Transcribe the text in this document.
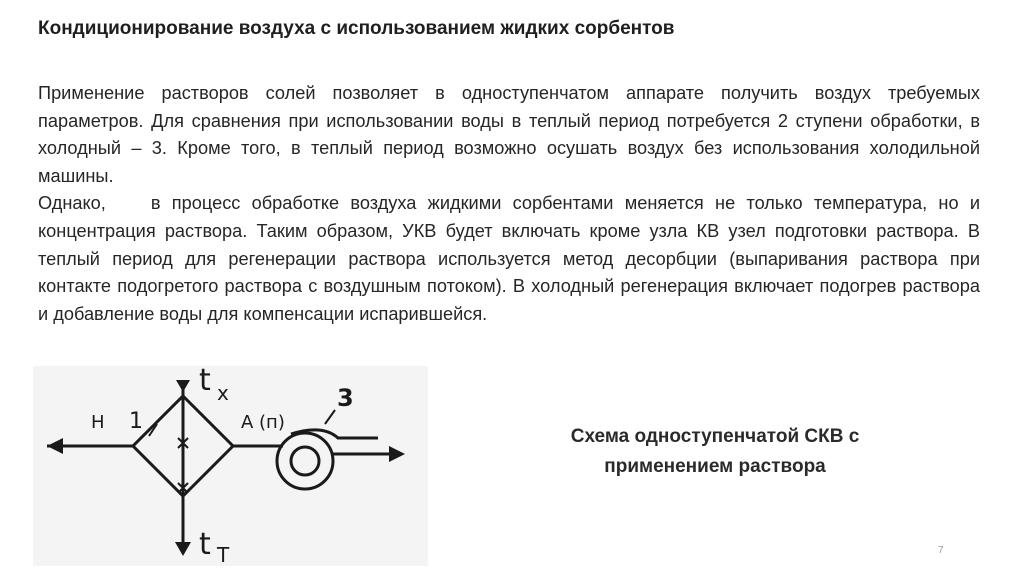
Кондиционирование воздуха с использованием жидких сорбентов

Применение растворов солей позволяет в одноступенчатом аппарате получить воздух требуемых параметров. Для сравнения при использовании воды в теплый период потребуется 2 ступени обработки, в холодный – 3. Кроме того, в теплый период возможно осушать воздух без использования холодильной машины.

Однако,    в процесс обработке воздуха жидкими сорбентами меняется не только температура, но и концентрация раствора. Таким образом, УКВ будет включать кроме узла КВ узел подготовки раствора. В теплый период для регенерации раствора используется метод десорбции (выпаривания раствора при контакте подогретого раствора с воздушным потоком). В холодный регенерация включает подогрев раствора и добавление воды для компенсации испарившейся.

Н 1	А (п)
3
t x
t T
Схема одноступенчатой СКВ с применением раствора
7
